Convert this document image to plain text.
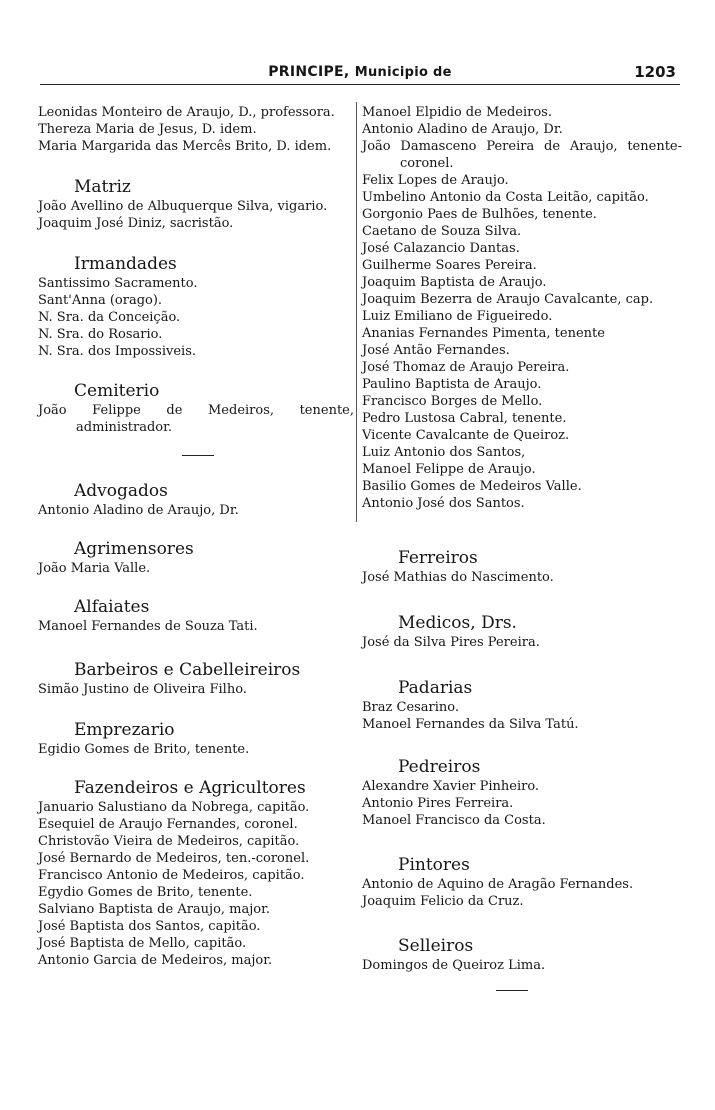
PRINCIPE, Municipio de	1203
Leonidas Monteiro de Araujo, D., professora.
Thereza Maria de Jesus, D. idem.
Maria Margarida das Mercês Brito, D. idem.
Matriz
João Avellino de Albuquerque Silva, vigario.
Joaquim José Diniz, sacristão.
Irmandades
Santissimo Sacramento.
Sant'Anna (orago).
N. Sra. da Conceição.
N. Sra. do Rosario.
N. Sra. dos Impossiveis.
Cemiterio
João Felippe de Medeiros, tenente, administrador.
Advogados
Antonio Aladino de Araujo, Dr.
Agrimensores
João Maria Valle.
Alfaiates
Manoel Fernandes de Souza Tati.
Barbeiros e Cabelleireiros
Simão Justino de Oliveira Filho.
Emprezario
Egidio Gomes de Brito, tenente.
Fazendeiros e Agricultores
Januario Salustiano da Nobrega, capitão.
Esequiel de Araujo Fernandes, coronel.
Christovão Vieira de Medeiros, capitão.
José Bernardo de Medeiros, ten.-coronel.
Francisco Antonio de Medeiros, capitão.
Egydio Gomes de Brito, tenente.
Salviano Baptista de Araujo, major.
José Baptista dos Santos, capitão.
José Baptista de Mello, capitão.
Antonio Garcia de Medeiros, major.
Manoel Elpidio de Medeiros.
Antonio Aladino de Araujo, Dr.
João Damasceno Pereira de Araujo, tenente-coronel.
Felix Lopes de Araujo.
Umbelino Antonio da Costa Leitão, capitão.
Gorgonio Paes de Bulhões, tenente.
Caetano de Souza Silva.
José Calazancio Dantas.
Guilherme Soares Pereira.
Joaquim Baptista de Araujo.
Joaquim Bezerra de Araujo Cavalcante, cap.
Luiz Emiliano de Figueiredo.
Ananias Fernandes Pimenta, tenente
José Antão Fernandes.
José Thomaz de Araujo Pereira.
Paulino Baptista de Araujo.
Francisco Borges de Mello.
Pedro Lustosa Cabral, tenente.
Vicente Cavalcante de Queiroz.
Luiz Antonio dos Santos,
Manoel Felippe de Araujo.
Basilio Gomes de Medeiros Valle.
Antonio José dos Santos.
Ferreiros
José Mathias do Nascimento.
Medicos, Drs.
José da Silva Pires Pereira.
Padarias
Braz Cesarino.
Manoel Fernandes da Silva Tatú.
Pedreiros
Alexandre Xavier Pinheiro.
Antonio Pires Ferreira.
Manoel Francisco da Costa.
Pintores
Antonio de Aquino de Aragão Fernandes.
Joaquim Felicio da Cruz.
Selleiros
Domingos de Queiroz Lima.
